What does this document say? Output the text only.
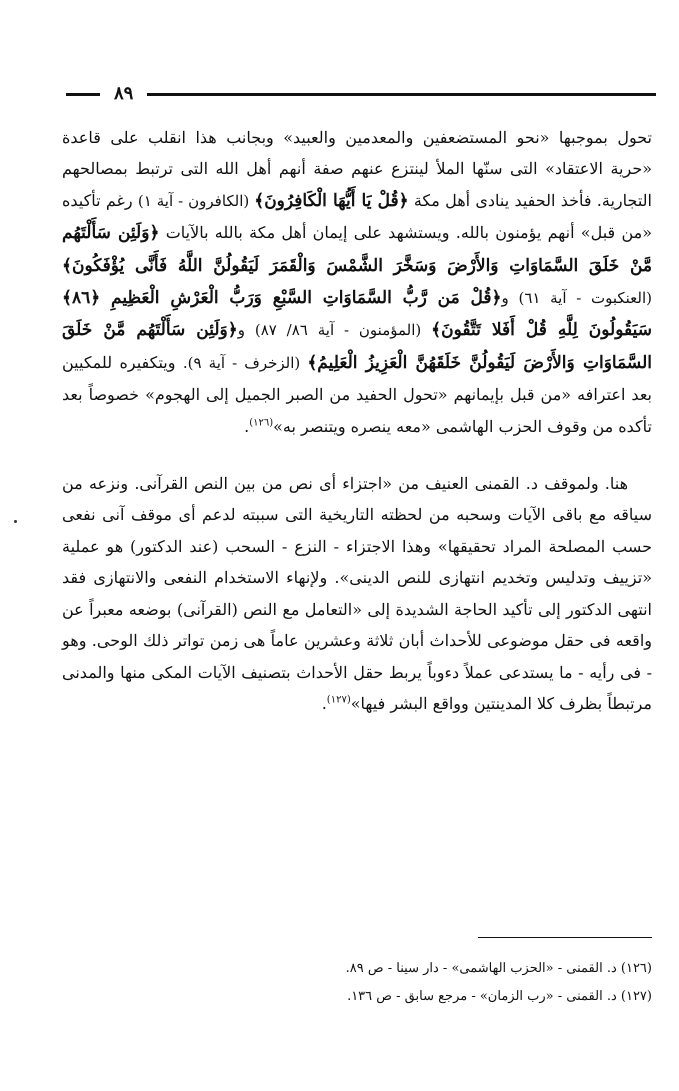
٨٩

تحول بموجبها «نحو المستضعفين والمعدمين والعبيد» وبجانب هذا انقلب على قاعدة «حرية الاعتقاد» التى سنّها الملأ لينتزع عنهم صفة أنهم أهل الله التى ترتبط بمصالحهم التجارية. فأخذ الحفيد ينادى أهل مكة ﴿قُلْ يَا أَيُّهَا الْكَافِرُونَ﴾ (الكافرون - آية ١) رغم تأكيده «من قبل» أنهم يؤمنون بالله. ويستشهد على إيمان أهل مكة بالله بالآيات ﴿وَلَئِن سَأَلْتَهُم مَّنْ خَلَقَ السَّمَاوَاتِ وَالأَرْضَ وَسَخَّرَ الشَّمْسَ وَالْقَمَرَ لَيَقُولُنَّ اللَّهُ فَأَنَّى يُؤْفَكُونَ﴾ (العنكبوت - آية ٦١) و﴿قُلْ مَن رَّبُّ السَّمَاوَاتِ السَّبْعِ وَرَبُّ الْعَرْشِ الْعَظِيمِ ﴿٨٦﴾ سَيَقُولُونَ لِلَّهِ قُلْ أَفَلا تَتَّقُونَ﴾ (المؤمنون - آية ٨٦/ ٨٧) و﴿وَلَئِن سَأَلْتَهُم مَّنْ خَلَقَ السَّمَاوَاتِ وَالأَرْضَ لَيَقُولُنَّ خَلَقَهُنَّ الْعَزِيزُ الْعَلِيمُ﴾ (الزخرف - آية ٩). ويتكفيره للمكيين بعد اعترافه «من قبل بإيمانهم «تحول الحفيد من الصبر الجميل إلى الهجوم» خصوصاً بعد تأكده من وقوف الحزب الهاشمى «معه ينصره ويتنصر به»$^{(١٢٦)}$.

هنا. ولموقف د. القمنى العنيف من «اجتزاء أى نص من بين النص القرآنى. ونزعه من سياقه مع باقى الآيات وسحبه من لحظته التاريخية التى سببته لدعم أى موقف آنى نفعى حسب المصلحة المراد تحقيقها» وهذا الاجتزاء - النزع - السحب (عند الدكتور) هو عملية «تزييف وتدليس وتخديم انتهازى للنص الدينى». ولإنهاء الاستخدام النفعى والانتهازى فقد انتهى الدكتور إلى تأكيد الحاجة الشديدة إلى «التعامل مع النص (القرآنى) بوضعه معبراً عن واقعه فى حقل موضوعى للأحداث أبان ثلاثة وعشرين عاماً هى زمن تواتر ذلك الوحى. وهو - فى رأيه - ما يستدعى عملاً دءوباً يربط حقل الأحداث بتصنيف الآيات المكى منها والمدنى مرتبطاً بظرف كلا المدينتين وواقع البشر فيها»$^{(١٢٧)}$.

(١٢٦) د. القمنى - «الحزب الهاشمى» - دار سينا - ص ٨٩.
(١٢٧) د. القمنى - «رب الزمان» - مرجع سابق - ص ١٣٦.
